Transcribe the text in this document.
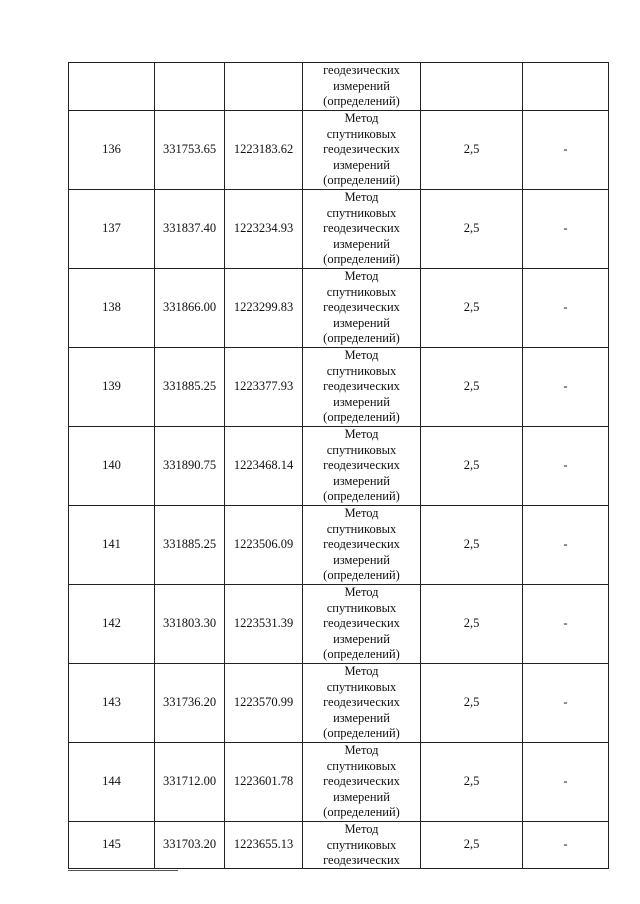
			геодезических
измерений
(определений)		

136	331753.65	1223183.62	Метод
спутниковых
геодезических
измерений
(определений)	2,5	-
137	331837.40	1223234.93	Метод
спутниковых
геодезических
измерений
(определений)	2,5	-
138	331866.00	1223299.83	Метод
спутниковых
геодезических
измерений
(определений)	2,5	-
139	331885.25	1223377.93	Метод
спутниковых
геодезических
измерений
(определений)	2,5	-
140	331890.75	1223468.14	Метод
спутниковых
геодезических
измерений
(определений)	2,5	-
141	331885.25	1223506.09	Метод
спутниковых
геодезических
измерений
(определений)	2,5	-
142	331803.30	1223531.39	Метод
спутниковых
геодезических
измерений
(определений)	2,5	-
143	331736.20	1223570.99	Метод
спутниковых
геодезических
измерений
(определений)	2,5	-
144	331712.00	1223601.78	Метод
спутниковых
геодезических
измерений
(определений)	2,5	-
145	331703.20	1223655.13	Метод
спутниковых
геодезических	2,5	-
